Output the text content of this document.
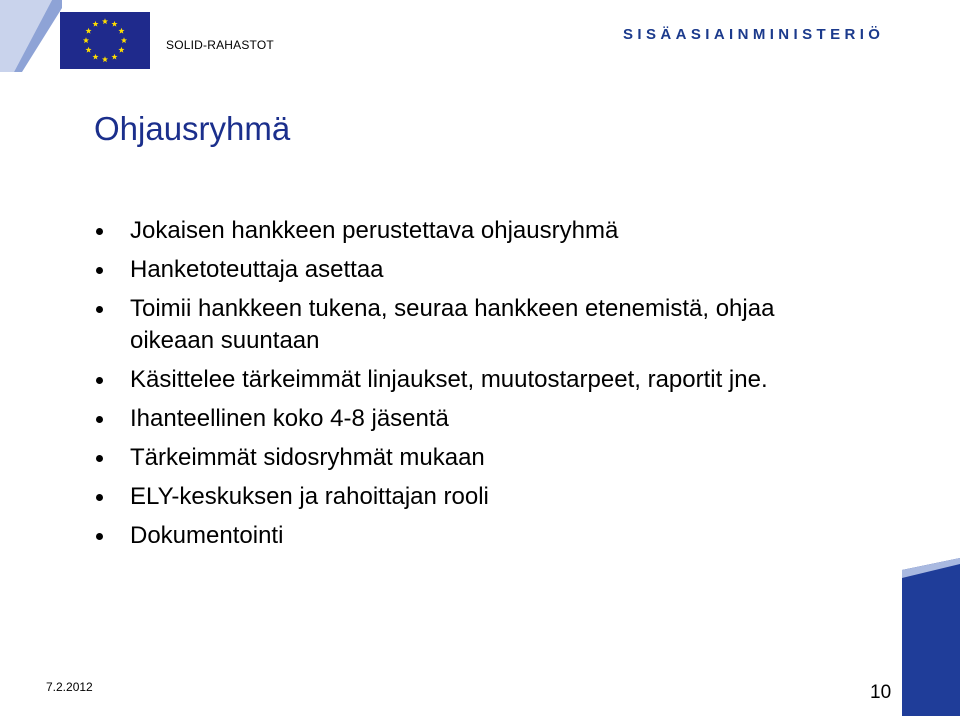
SOLID-RAHASTOT
SISÄASIAINMINISTERIÖ
Ohjausryhmä
Jokaisen hankkeen perustettava ohjausryhmä
Hanketoteuttaja asettaa
Toimii hankkeen tukena, seuraa hankkeen etenemistä, ohjaa oikeaan suuntaan
Käsittelee tärkeimmät linjaukset, muutostarpeet, raportit jne.
Ihanteellinen koko 4-8 jäsentä
Tärkeimmät sidosryhmät mukaan
ELY-keskuksen ja rahoittajan rooli
Dokumentointi
7.2.2012	10
